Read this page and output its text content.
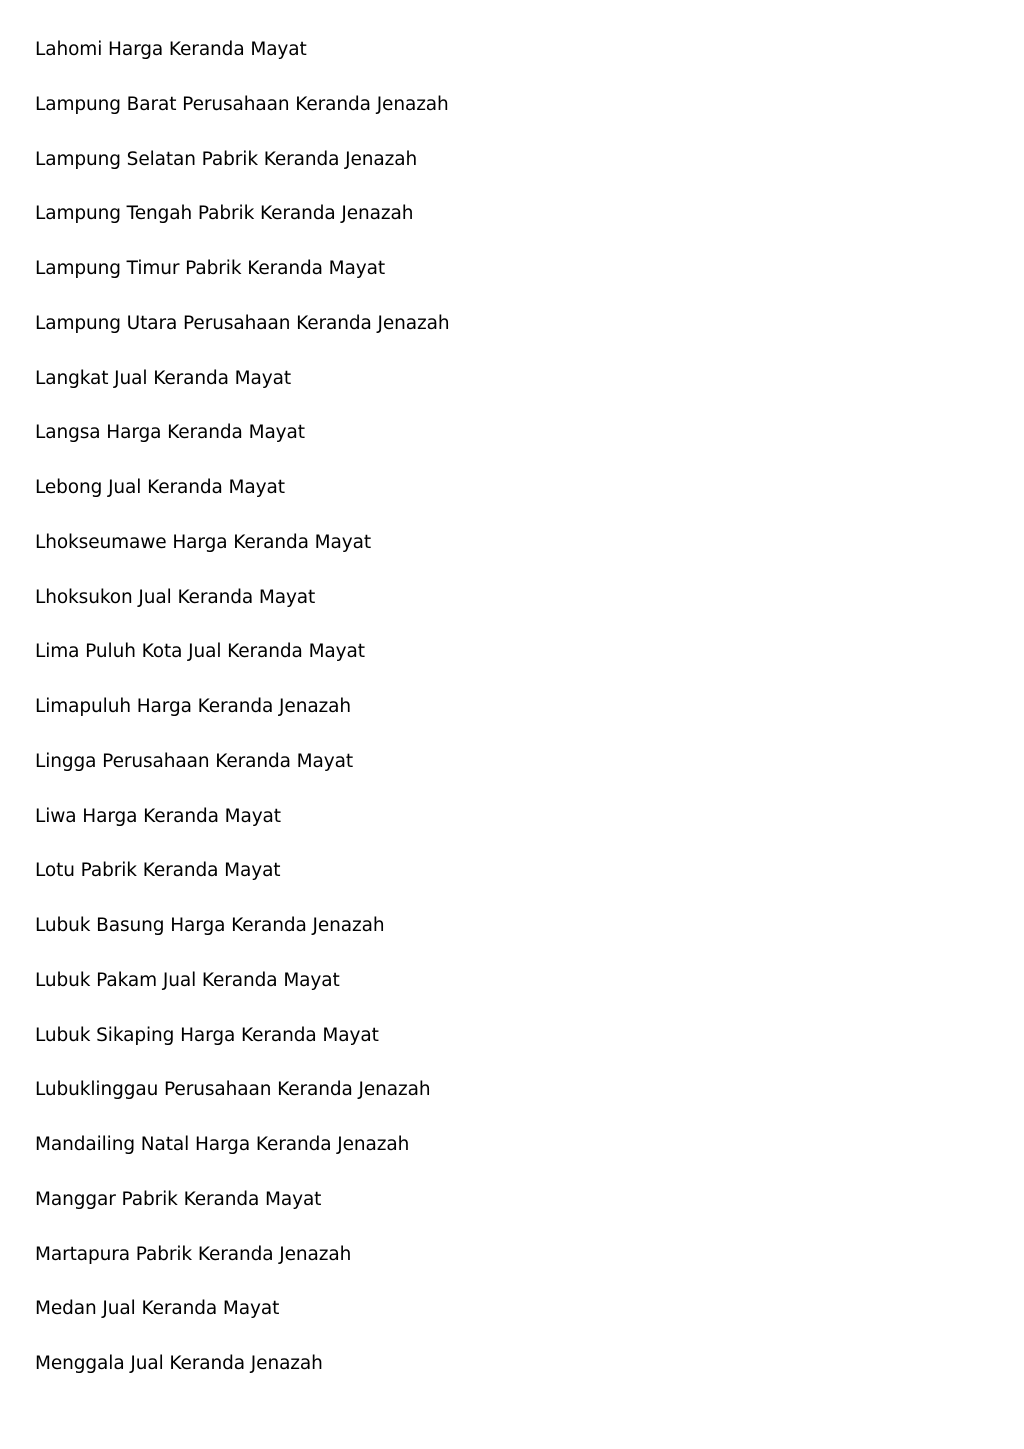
Lahomi Harga Keranda Mayat
Lampung Barat Perusahaan Keranda Jenazah
Lampung Selatan Pabrik Keranda Jenazah
Lampung Tengah Pabrik Keranda Jenazah
Lampung Timur Pabrik Keranda Mayat
Lampung Utara Perusahaan Keranda Jenazah
Langkat Jual Keranda Mayat
Langsa Harga Keranda Mayat
Lebong Jual Keranda Mayat
Lhokseumawe Harga Keranda Mayat
Lhoksukon Jual Keranda Mayat
Lima Puluh Kota Jual Keranda Mayat
Limapuluh Harga Keranda Jenazah
Lingga Perusahaan Keranda Mayat
Liwa Harga Keranda Mayat
Lotu Pabrik Keranda Mayat
Lubuk Basung Harga Keranda Jenazah
Lubuk Pakam Jual Keranda Mayat
Lubuk Sikaping Harga Keranda Mayat
Lubuklinggau Perusahaan Keranda Jenazah
Mandailing Natal Harga Keranda Jenazah
Manggar Pabrik Keranda Mayat
Martapura Pabrik Keranda Jenazah
Medan Jual Keranda Mayat
Menggala Jual Keranda Jenazah
